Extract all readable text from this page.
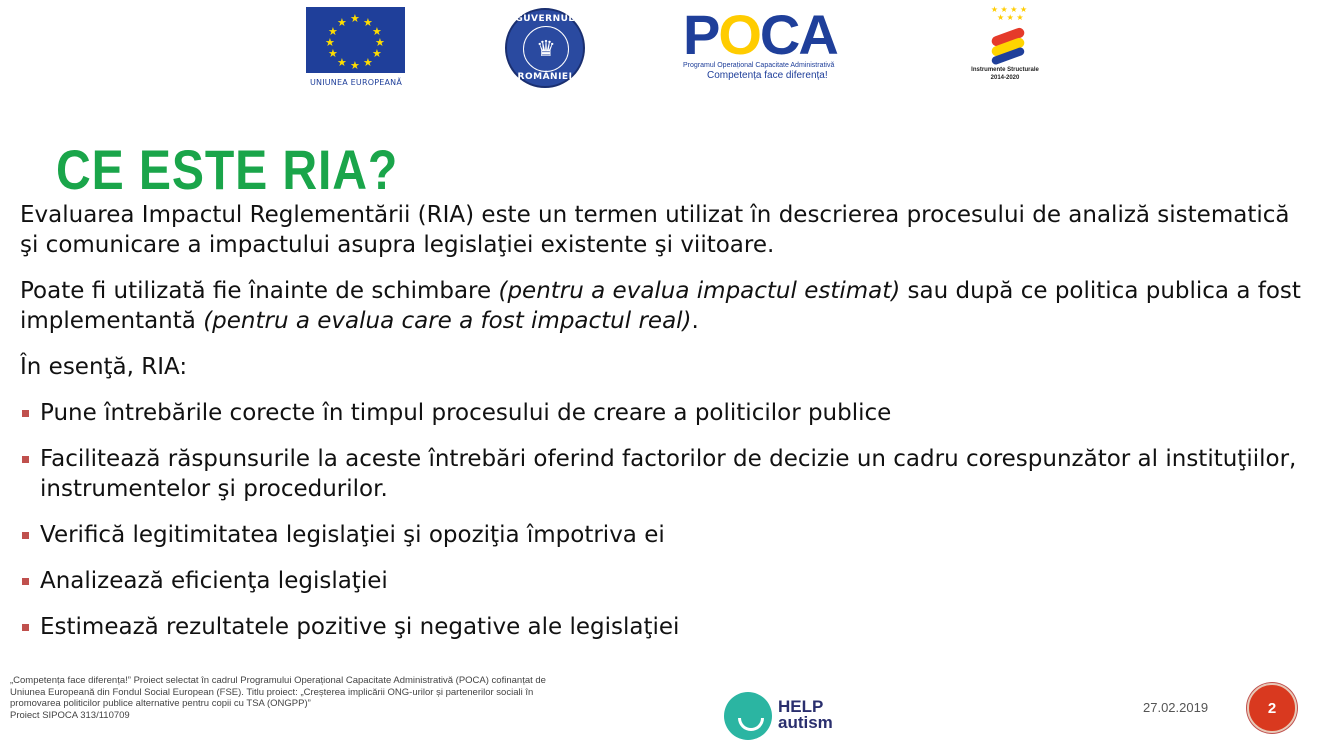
★ ★
★
★
★
★
★
★
★
★
★
★
UNIUNEA EUROPEANĂ
GUVERNUL
♛
ROMÂNIEI
POCA
Programul Operațional Capacitate Administrativă
Competența face diferența!
★ ★ ★ ★
★ ★ ★
Instrumente Structurale
2014-2020
CE ESTE RIA?

Evaluarea Impactul Reglementării (RIA) este un termen utilizat în descrierea procesului de analiză sistematică şi comunicare a impactului asupra legislaţiei existente şi viitoare.

Poate fi utilizată fie înainte de schimbare (pentru a evalua impactul estimat) sau după ce politica publica a fost implementantă (pentru a evalua care a fost impactul real).

În esenţă, RIA:

Pune întrebările corecte în timpul procesului de creare a politicilor publice
Facilitează răspunsurile la aceste întrebări oferind factorilor de decizie un cadru corespunzător al instituţiilor, instrumentelor şi procedurilor.
Verifică legitimitatea legislaţiei şi opoziţia împotriva ei
Analizează eficienţa legislaţiei
Estimează rezultatele pozitive şi negative ale legislaţiei
„Competența face diferența!” Proiect selectat în cadrul Programului Operațional Capacitate Administrativă (POCA) cofinanțat de
Uniunea Europeană din Fondul Social European (FSE). Titlu proiect: „Creșterea implicării ONG-urilor și partenerilor sociali în
promovarea politicilor publice alternative pentru copii cu TSA (ONGPP)”
Proiect SIPOCA 313/110709	HELP
autism
27.02.2019	2
